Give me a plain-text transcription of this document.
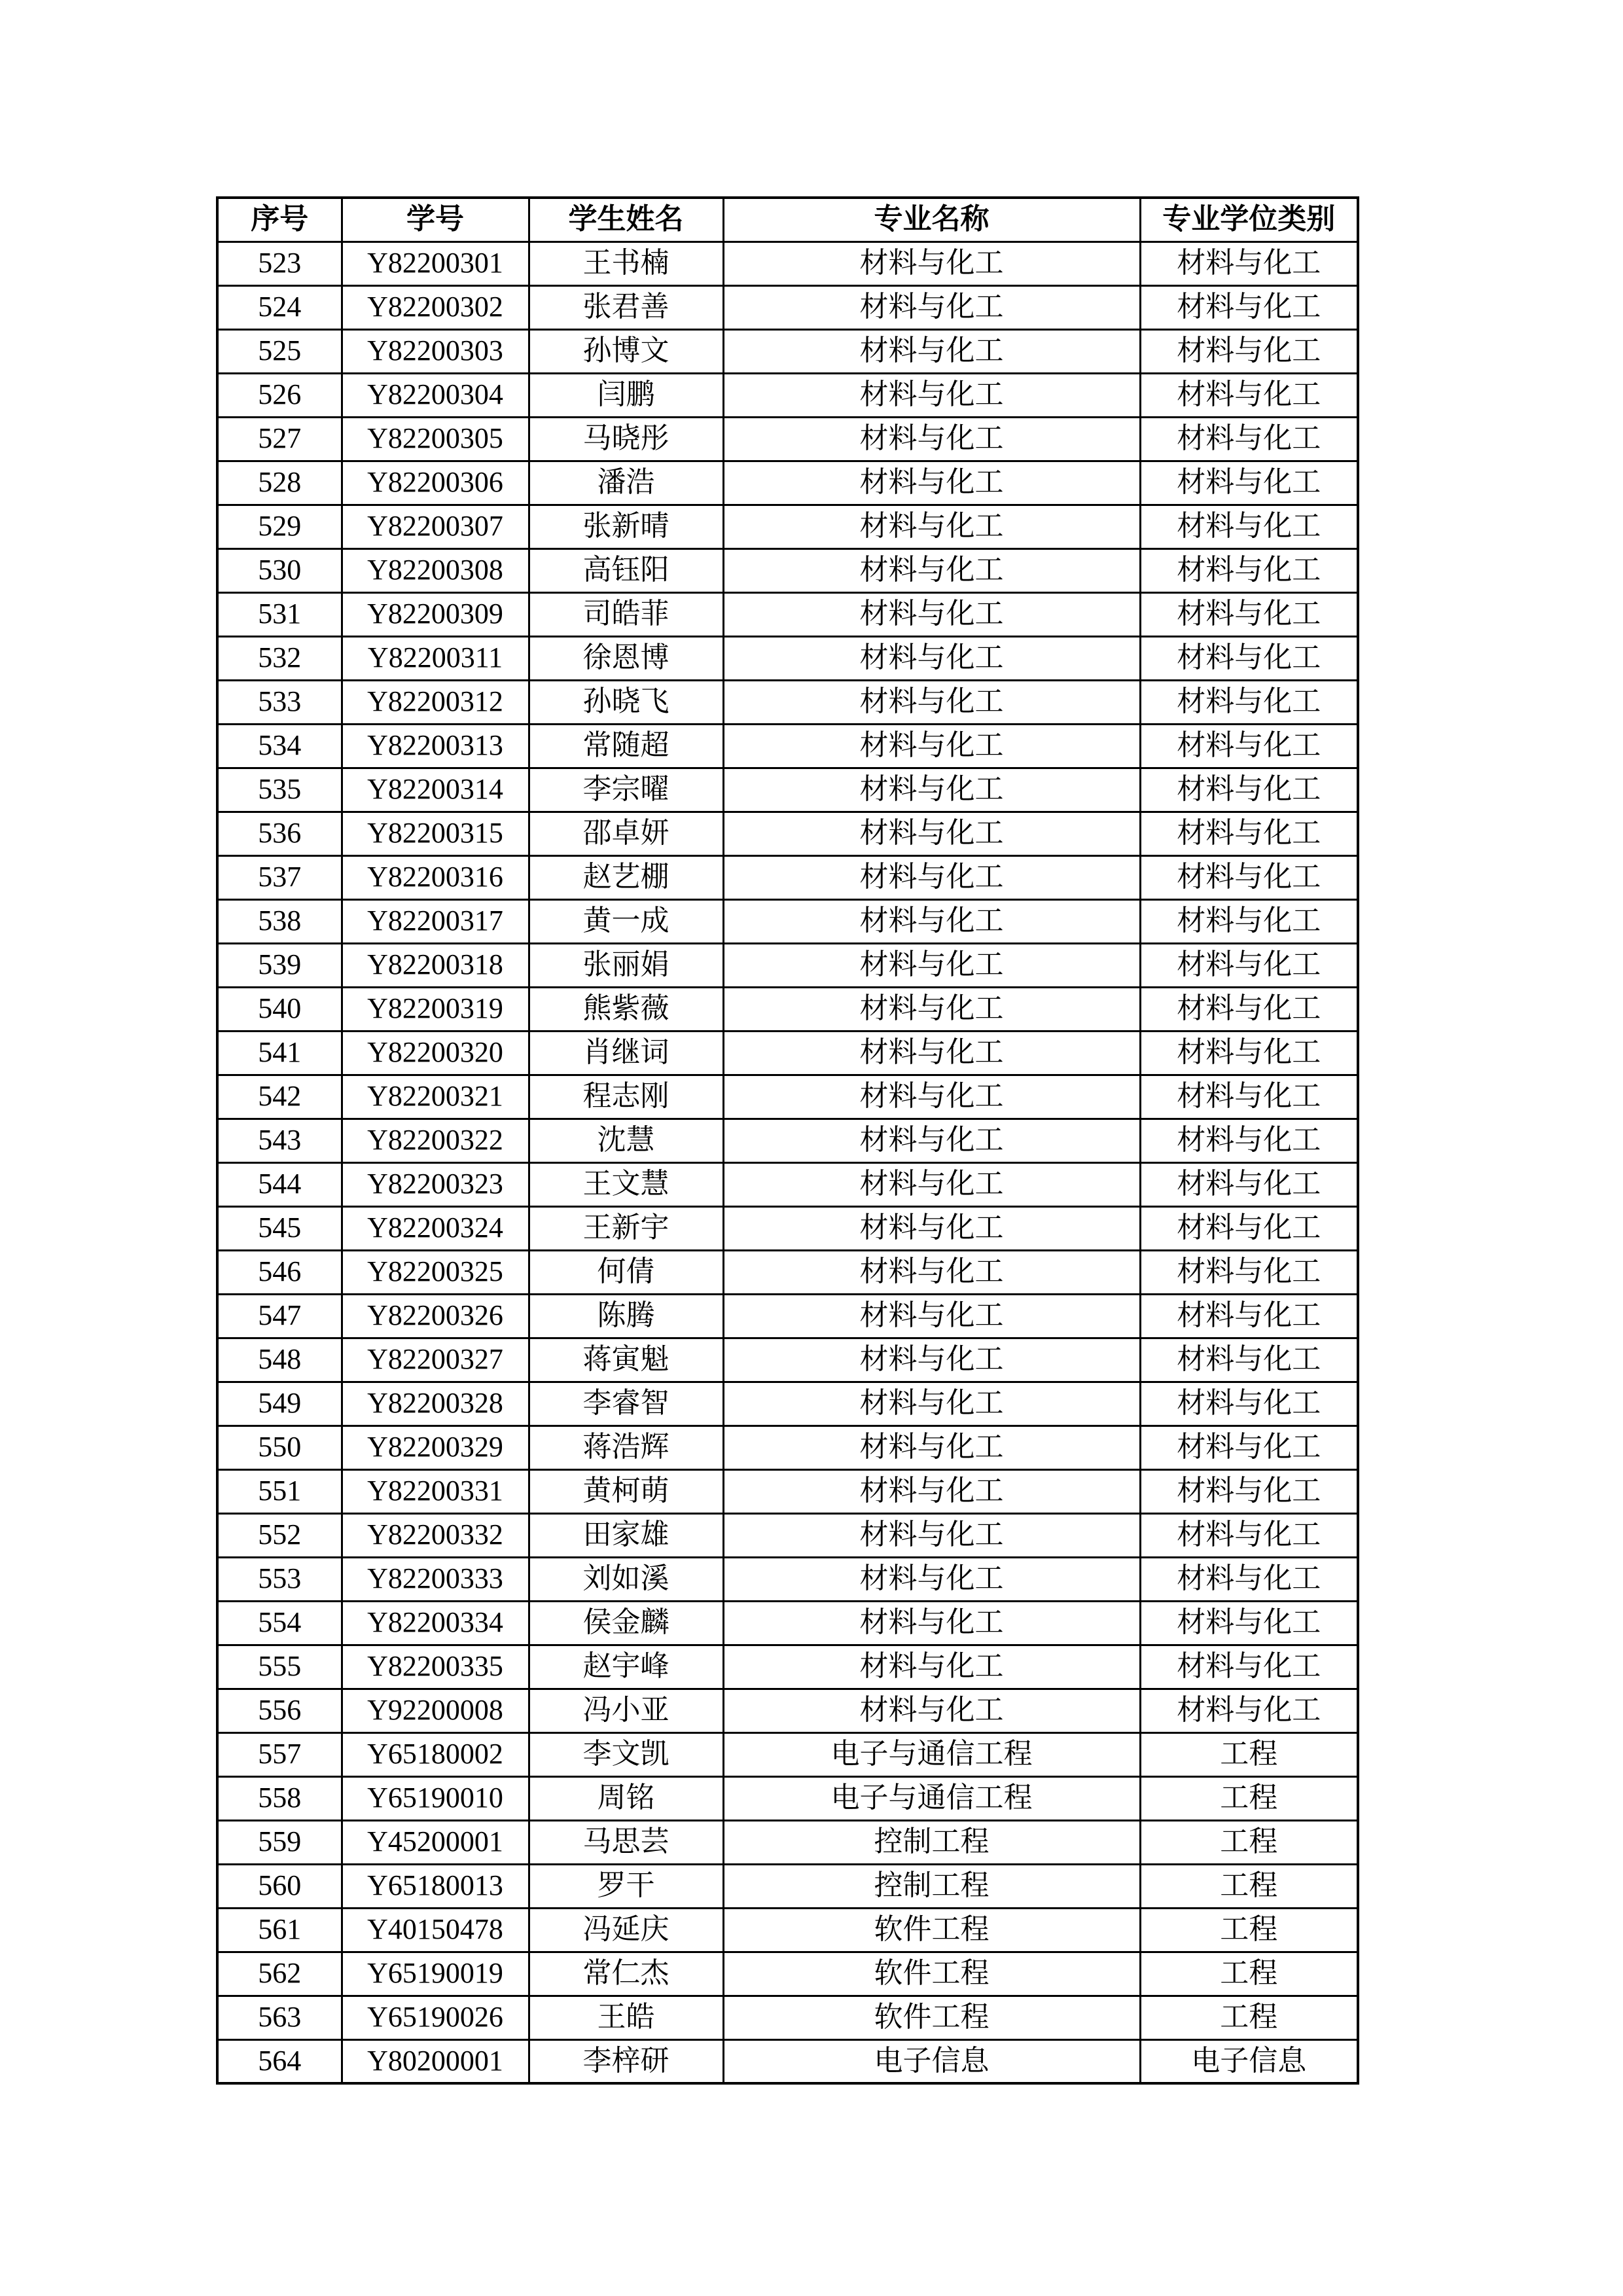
序号	学号	学生姓名	专业名称	专业学位类别
523	Y82200301	王书楠	材料与化工	材料与化工
524	Y82200302	张君善	材料与化工	材料与化工
525	Y82200303	孙博文	材料与化工	材料与化工
526	Y82200304	闫鹏	材料与化工	材料与化工
527	Y82200305	马晓彤	材料与化工	材料与化工
528	Y82200306	潘浩	材料与化工	材料与化工
529	Y82200307	张新晴	材料与化工	材料与化工
530	Y82200308	高钰阳	材料与化工	材料与化工
531	Y82200309	司皓菲	材料与化工	材料与化工
532	Y82200311	徐恩博	材料与化工	材料与化工
533	Y82200312	孙晓飞	材料与化工	材料与化工
534	Y82200313	常随超	材料与化工	材料与化工
535	Y82200314	李宗曜	材料与化工	材料与化工
536	Y82200315	邵卓妍	材料与化工	材料与化工
537	Y82200316	赵艺棚	材料与化工	材料与化工
538	Y82200317	黄一成	材料与化工	材料与化工
539	Y82200318	张丽娟	材料与化工	材料与化工
540	Y82200319	熊紫薇	材料与化工	材料与化工
541	Y82200320	肖继词	材料与化工	材料与化工
542	Y82200321	程志刚	材料与化工	材料与化工
543	Y82200322	沈慧	材料与化工	材料与化工
544	Y82200323	王文慧	材料与化工	材料与化工
545	Y82200324	王新宇	材料与化工	材料与化工
546	Y82200325	何倩	材料与化工	材料与化工
547	Y82200326	陈腾	材料与化工	材料与化工
548	Y82200327	蒋寅魁	材料与化工	材料与化工
549	Y82200328	李睿智	材料与化工	材料与化工
550	Y82200329	蒋浩辉	材料与化工	材料与化工
551	Y82200331	黄柯萌	材料与化工	材料与化工
552	Y82200332	田家雄	材料与化工	材料与化工
553	Y82200333	刘如溪	材料与化工	材料与化工
554	Y82200334	侯金麟	材料与化工	材料与化工
555	Y82200335	赵宇峰	材料与化工	材料与化工
556	Y92200008	冯小亚	材料与化工	材料与化工
557	Y65180002	李文凯	电子与通信工程	工程
558	Y65190010	周铭	电子与通信工程	工程
559	Y45200001	马思芸	控制工程	工程
560	Y65180013	罗干	控制工程	工程
561	Y40150478	冯延庆	软件工程	工程
562	Y65190019	常仁杰	软件工程	工程
563	Y65190026	王皓	软件工程	工程
564	Y80200001	李梓研	电子信息	电子信息
